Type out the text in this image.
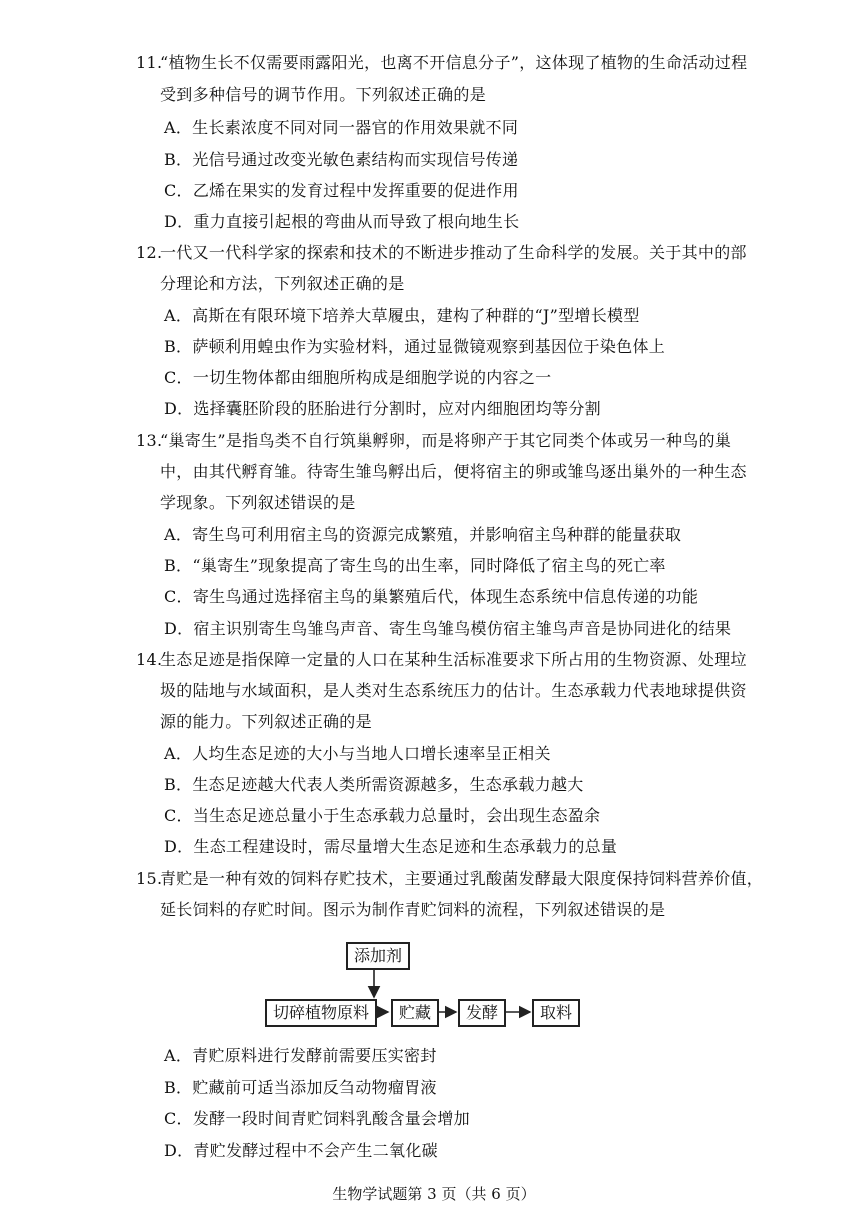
11.
“植物生长不仅需要雨露阳光，也离不开信息分子”，这体现了植物的生命活动过程
受到多种信号的调节作用。下列叙述正确的是
A．生长素浓度不同对同一器官的作用效果就不同
B．光信号通过改变光敏色素结构而实现信号传递
C．乙烯在果实的发育过程中发挥重要的促进作用
D．重力直接引起根的弯曲从而导致了根向地生长
12.
一代又一代科学家的探索和技术的不断进步推动了生命科学的发展。关于其中的部
分理论和方法，下列叙述正确的是
A．高斯在有限环境下培养大草履虫，建构了种群的“J”型增长模型
B．萨顿利用蝗虫作为实验材料，通过显微镜观察到基因位于染色体上
C．一切生物体都由细胞所构成是细胞学说的内容之一
D．选择囊胚阶段的胚胎进行分割时，应对内细胞团均等分割
13.
“巢寄生”是指鸟类不自行筑巢孵卵，而是将卵产于其它同类个体或另一种鸟的巢
中，由其代孵育雏。待寄生雏鸟孵出后，便将宿主的卵或雏鸟逐出巢外的一种生态
学现象。下列叙述错误的是
A．寄生鸟可利用宿主鸟的资源完成繁殖，并影响宿主鸟种群的能量获取
B．“巢寄生”现象提高了寄生鸟的出生率，同时降低了宿主鸟的死亡率
C．寄生鸟通过选择宿主鸟的巢繁殖后代，体现生态系统中信息传递的功能
D．宿主识别寄生鸟雏鸟声音、寄生鸟雏鸟模仿宿主雏鸟声音是协同进化的结果
14.
生态足迹是指保障一定量的人口在某种生活标准要求下所占用的生物资源、处理垃
圾的陆地与水域面积，是人类对生态系统压力的估计。生态承载力代表地球提供资
源的能力。下列叙述正确的是
A．人均生态足迹的大小与当地人口增长速率呈正相关
B．生态足迹越大代表人类所需资源越多，生态承载力越大
C．当生态足迹总量小于生态承载力总量时，会出现生态盈余
D．生态工程建设时，需尽量增大生态足迹和生态承载力的总量
15.
青贮是一种有效的饲料存贮技术，主要通过乳酸菌发酵最大限度保持饲料营养价值，
延长饲料的存贮时间。图示为制作青贮饲料的流程，下列叙述错误的是
添加剂
切碎植物原料	贮藏	发酵	取料
A．青贮原料进行发酵前需要压实密封
B．贮藏前可适当添加反刍动物瘤胃液
C．发酵一段时间青贮饲料乳酸含量会增加
D．青贮发酵过程中不会产生二氧化碳
生物学试题第 3 页（共 6 页）
